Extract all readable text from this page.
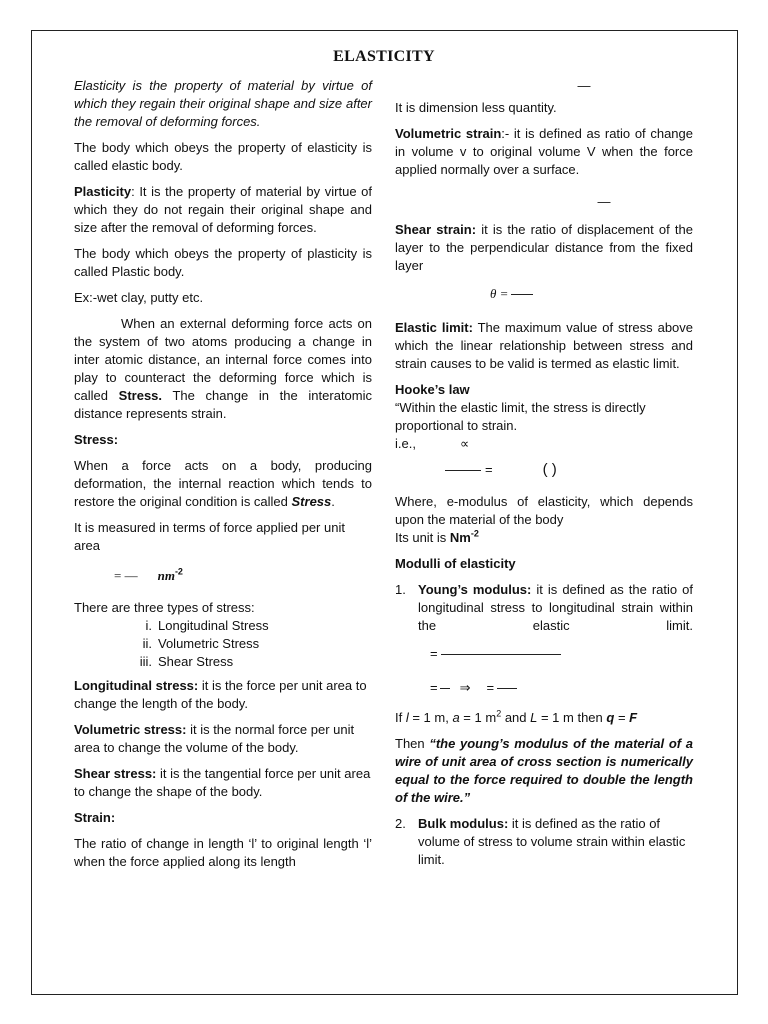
ELASTICITY

Elasticity is the property of material by virtue of which they regain their original shape and size after the removal of deforming forces.

The body which obeys the property of elasticity is called elastic body.

Plasticity: It is the property of material by virtue of which they do not regain their original shape and size after the removal of deforming forces.

The body which obeys the property of plasticity is called Plastic body.

Ex:-wet clay, putty etc.

When an external deforming force acts on the system of two atoms producing a change in inter atomic distance, an internal force comes into play to counteract the deforming force which is called Stress. The change in the interatomic distance represents strain.

Stress:

When a force acts on a body, producing deformation, the internal reaction which tends to restore the original condition is called Stress.

It is measured in terms of force applied per unit area

= — $nm^{-2}$

There are three types of stress:

i. Longitudinal Stress
ii. Volumetric Stress
iii. Shear Stress

Longitudinal stress: it is the force per unit area to change the length of the body.

Volumetric stress: it is the normal force per unit area to change the volume of the body.

Shear stress: it is the tangential force per unit area to change the shape of the body.

Strain:

The ratio of change in length ‘l’ to original length ‘l’ when the force applied along its length

—

It is dimension less quantity.

Volumetric strain:- it is defined as ratio of change in volume v to original volume V when the force applied normally over a surface.

—

Shear strain: it is the ratio of displacement of the layer to the perpendicular distance from the fixed layer

θ =

Elastic limit: The maximum value of stress above which the linear relationship between stress and strain causes to be valid is termed as elastic limit.

Hooke’s law

“Within the elastic limit, the stress is directly proportional to strain.

i.e.,	∝

=	( )

Where, e-modulus of elasticity, which depends upon the material of the body

Its unit is $Nm^{-2}$

Modulli of elasticity

1. Young’s modulus: it is defined as the ratio of longitudinal stress to longitudinal strain within the elastic limit.

=

= ⇒ =

If l = 1 m, a = 1 $m^2$ and L = 1 m then q = F

Then “the young’s modulus of the material of a wire of unit area of cross section is numerically equal to the force required to double the length of the wire.”

2. Bulk modulus: it is defined as the ratio of volume of stress to volume strain within elastic limit.
